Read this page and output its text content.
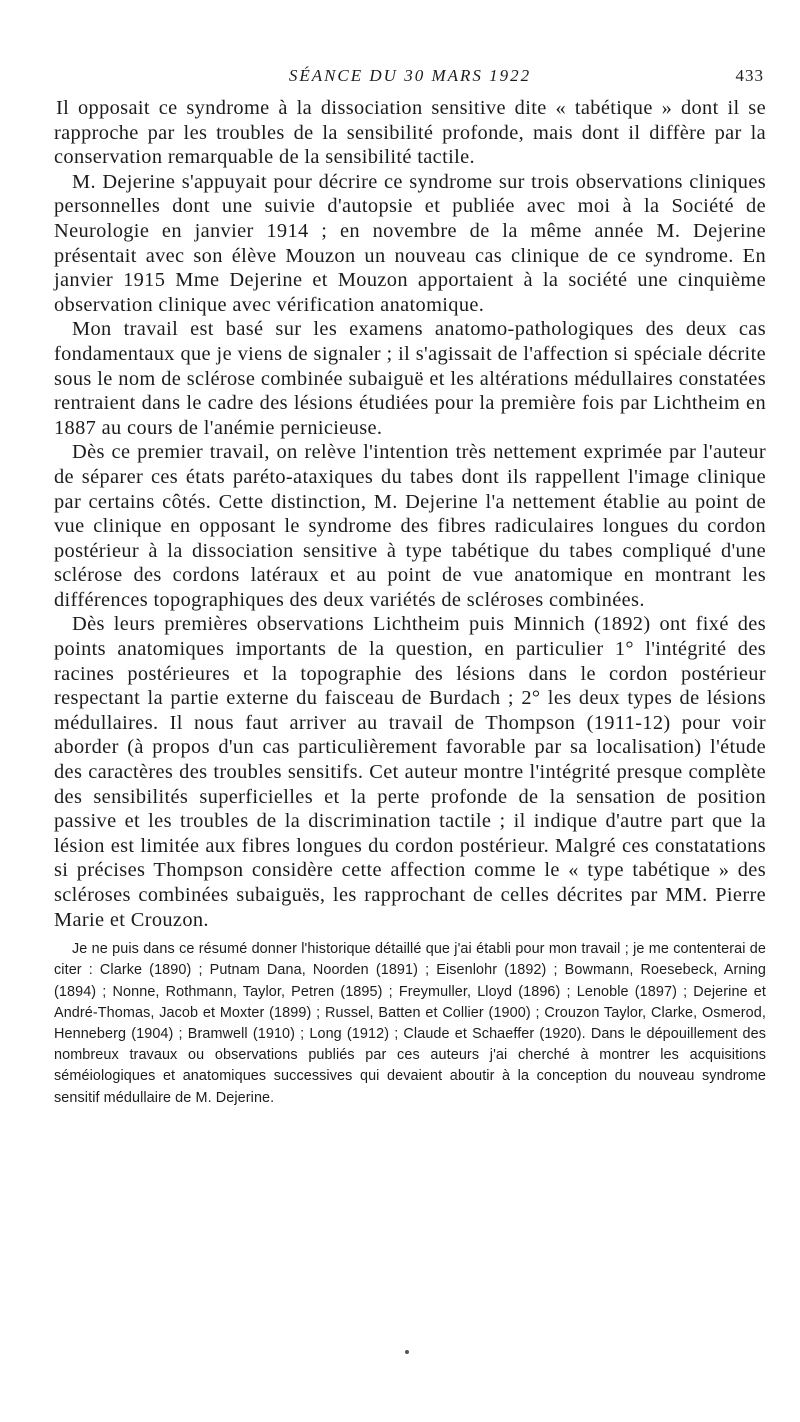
SÉANCE DU 30 MARS 1922	433

Il opposait ce syndrome à la dissociation sensitive dite « tabétique » dont il se rapproche par les troubles de la sensibilité profonde, mais dont il diffère par la conservation remarquable de la sensibilité tactile.

M. Dejerine s'appuyait pour décrire ce syndrome sur trois observations cliniques personnelles dont une suivie d'autopsie et publiée avec moi à la Société de Neurologie en janvier 1914 ; en novembre de la même année M. Dejerine présentait avec son élève Mouzon un nouveau cas clinique de ce syndrome. En janvier 1915 Mme Dejerine et Mouzon apportaient à la société une cinquième observation clinique avec vérification anatomique.

Mon travail est basé sur les examens anatomo-pathologiques des deux cas fondamentaux que je viens de signaler ; il s'agissait de l'affection si spéciale décrite sous le nom de sclérose combinée subaiguë et les altérations médullaires constatées rentraient dans le cadre des lésions étudiées pour la première fois par Lichtheim en 1887 au cours de l'anémie pernicieuse.

Dès ce premier travail, on relève l'intention très nettement exprimée par l'auteur de séparer ces états paréto-ataxiques du tabes dont ils rappellent l'image clinique par certains côtés. Cette distinction, M. Dejerine l'a nettement établie au point de vue clinique en opposant le syndrome des fibres radiculaires longues du cordon postérieur à la dissociation sensitive à type tabétique du tabes compliqué d'une sclérose des cordons latéraux et au point de vue anatomique en montrant les différences topographiques des deux variétés de scléroses combinées.

Dès leurs premières observations Lichtheim puis Minnich (1892) ont fixé des points anatomiques importants de la question, en particulier 1° l'intégrité des racines postérieures et la topographie des lésions dans le cordon postérieur respectant la partie externe du faisceau de Burdach ; 2° les deux types de lésions médullaires. Il nous faut arriver au travail de Thompson (1911-12) pour voir aborder (à propos d'un cas particulièrement favorable par sa localisation) l'étude des caractères des troubles sensitifs. Cet auteur montre l'intégrité presque complète des sensibilités superficielles et la perte profonde de la sensation de position passive et les troubles de la discrimination tactile ; il indique d'autre part que la lésion est limitée aux fibres longues du cordon postérieur. Malgré ces constatations si précises Thompson considère cette affection comme le « type tabétique » des scléroses combinées subaiguës, les rapprochant de celles décrites par MM. Pierre Marie et Crouzon.

Je ne puis dans ce résumé donner l'historique détaillé que j'ai établi pour mon travail ; je me contenterai de citer : Clarke (1890) ; Putnam Dana, Noorden (1891) ; Eisenlohr (1892) ; Bowmann, Roesebeck, Arning (1894) ; Nonne, Rothmann, Taylor, Petren (1895) ; Freymuller, Lloyd (1896) ; Lenoble (1897) ; Dejerine et André-Thomas, Jacob et Moxter (1899) ; Russel, Batten et Collier (1900) ; Crouzon Taylor, Clarke, Osmerod, Henneberg (1904) ; Bramwell (1910) ; Long (1912) ; Claude et Schaeffer (1920). Dans le dépouillement des nombreux travaux ou observations publiés par ces auteurs j'ai cherché à montrer les acquisitions séméiologiques et anatomiques successives qui devaient aboutir à la conception du nouveau syndrome sensitif médullaire de M. Dejerine.
